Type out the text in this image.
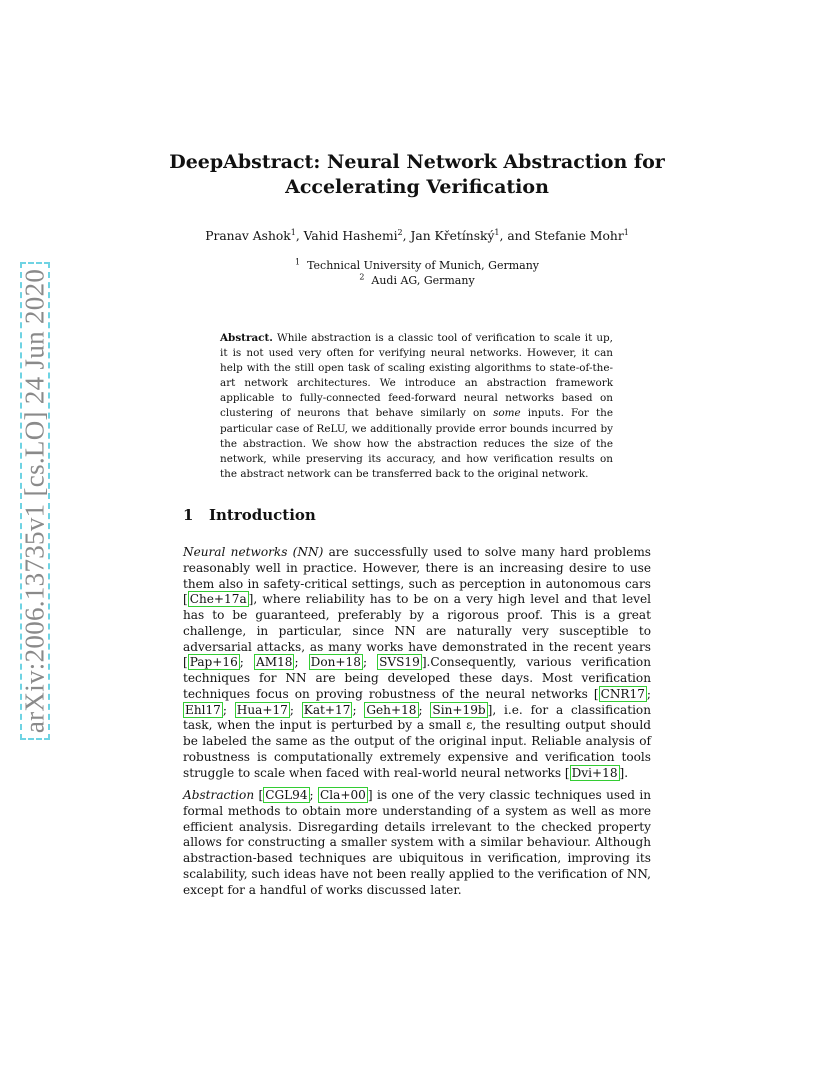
arXiv:2006.13735v1 [cs.LO] 24 Jun 2020
DeepAbstract: Neural Network Abstraction for
Accelerating Verification
Pranav Ashok$^1$, Vahid Hashemi$^2$, Jan Křetínský$^1$, and Stefanie Mohr$^1$
$^1$ Technical University of Munich, Germany
$^2$ Audi AG, Germany
Abstract. While abstraction is a classic tool of verification to scale it up, it is not used very often for verifying neural networks. However, it can help with the still open task of scaling existing algorithms to state-of-the-art network architectures. We introduce an abstraction framework applicable to fully-connected feed-forward neural networks based on clustering of neurons that behave similarly on some inputs. For the particular case of ReLU, we additionally provide error bounds incurred by the abstraction. We show how the abstraction reduces the size of the network, while preserving its accuracy, and how verification results on the abstract network can be transferred back to the original network.
1 Introduction
Neural networks (NN) are successfully used to solve many hard problems reasonably well in practice. However, there is an increasing desire to use them also in safety-critical settings, such as perception in autonomous cars [ Che+17a ], where reliability has to be on a very high level and that level has to be guaranteed, preferably by a rigorous proof. This is a great challenge, in particular, since NN are naturally very susceptible to adversarial attacks, as many works have demonstrated in the recent years [ Pap+16 ; AM18 ; Don+18 ; SVS19 ].Consequently, various verification techniques for NN are being developed these days. Most verification techniques focus on proving robustness of the neural networks [ CNR17 ; Ehl17 ; Hua+17 ; Kat+17 ; Geh+18 ; Sin+19b ], i.e. for a classification task, when the input is perturbed by a small ε, the resulting output should be labeled the same as the output of the original input. Reliable analysis of robustness is computationally extremely expensive and verification tools struggle to scale when faced with real-world neural networks [ Dvi+18 ].
Abstraction [ CGL94 ; Cla+00 ] is one of the very classic techniques used in formal methods to obtain more understanding of a system as well as more efficient analysis. Disregarding details irrelevant to the checked property allows for constructing a smaller system with a similar behaviour. Although abstraction-based techniques are ubiquitous in verification, improving its scalability, such ideas have not been really applied to the verification of NN, except for a handful of works discussed later.
